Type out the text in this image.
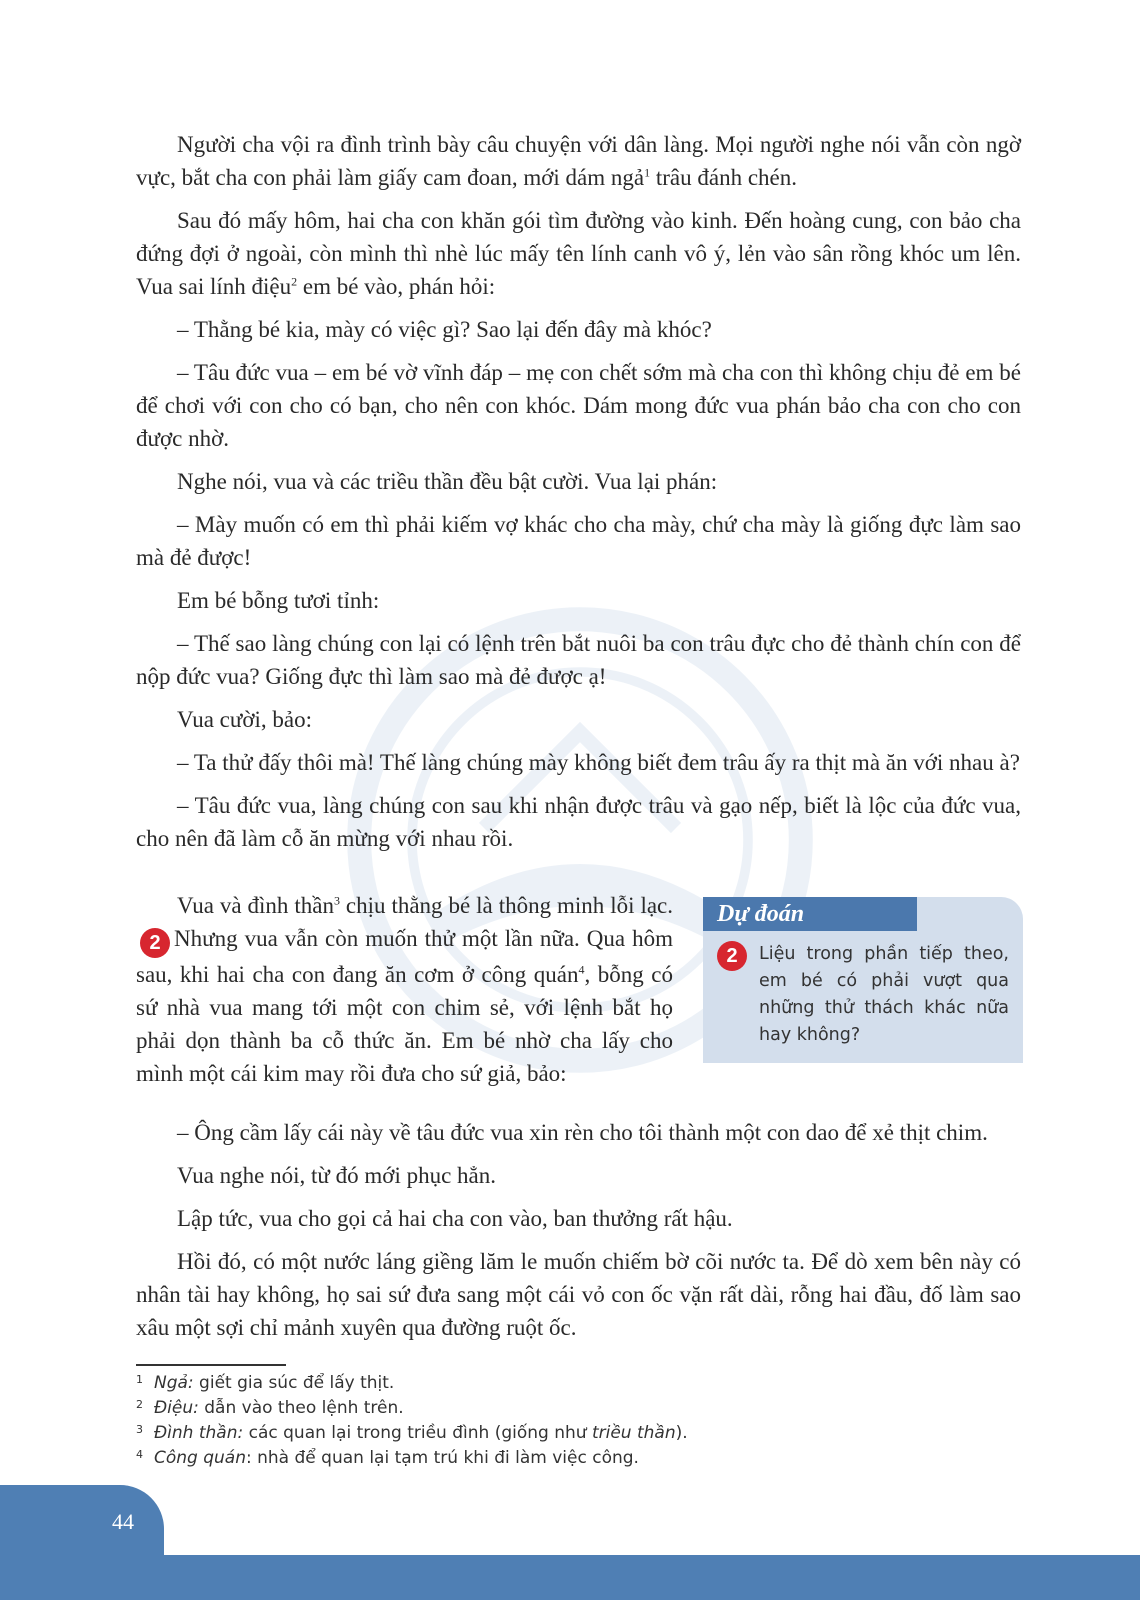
Người cha vội ra đình trình bày câu chuyện với dân làng. Mọi người nghe nói vẫn còn ngờ vực, bắt cha con phải làm giấy cam đoan, mới dám ngả$^1$ trâu đánh chén.

Sau đó mấy hôm, hai cha con khăn gói tìm đường vào kinh. Đến hoàng cung, con bảo cha đứng đợi ở ngoài, còn mình thì nhè lúc mấy tên lính canh vô ý, lẻn vào sân rồng khóc um lên. Vua sai lính điệu$^2$ em bé vào, phán hỏi:

– Thằng bé kia, mày có việc gì? Sao lại đến đây mà khóc?

– Tâu đức vua – em bé vờ vĩnh đáp – mẹ con chết sớm mà cha con thì không chịu đẻ em bé để chơi với con cho có bạn, cho nên con khóc. Dám mong đức vua phán bảo cha con cho con được nhờ.

Nghe nói, vua và các triều thần đều bật cười. Vua lại phán:

– Mày muốn có em thì phải kiếm vợ khác cho cha mày, chứ cha mày là giống đực làm sao mà đẻ được!

Em bé bỗng tươi tỉnh:

– Thế sao làng chúng con lại có lệnh trên bắt nuôi ba con trâu đực cho đẻ thành chín con để nộp đức vua? Giống đực thì làm sao mà đẻ được ạ!

Vua cười, bảo:

– Ta thử đấy thôi mà! Thế làng chúng mày không biết đem trâu ấy ra thịt mà ăn với nhau à?

– Tâu đức vua, làng chúng con sau khi nhận được trâu và gạo nếp, biết là lộc của đức vua, cho nên đã làm cỗ ăn mừng với nhau rồi.

Vua và đình thần$^3$ chịu thằng bé là thông minh lỗi lạc.2 Nhưng vua vẫn còn muốn thử một lần nữa. Qua hôm sau, khi hai cha con đang ăn cơm ở công quán$^4$, bỗng có sứ nhà vua mang tới một con chim sẻ, với lệnh bắt họ phải dọn thành ba cỗ thức ăn. Em bé nhờ cha lấy cho mình một cái kim may rồi đưa cho sứ giả, bảo:

Dự đoán
2	Liệu trong phần tiếp theo, em bé có phải vượt qua những thử thách khác nữa hay không?

– Ông cầm lấy cái này về tâu đức vua xin rèn cho tôi thành một con dao để xẻ thịt chim.

Vua nghe nói, từ đó mới phục hẳn.

Lập tức, vua cho gọi cả hai cha con vào, ban thưởng rất hậu.

Hồi đó, có một nước láng giềng lăm le muốn chiếm bờ cõi nước ta. Để dò xem bên này có nhân tài hay không, họ sai sứ đưa sang một cái vỏ con ốc vặn rất dài, rỗng hai đầu, đố làm sao xâu một sợi chỉ mảnh xuyên qua đường ruột ốc.

1 Ngả: giết gia súc để lấy thịt.
2 Điệu: dẫn vào theo lệnh trên.
3 Đình thần: các quan lại trong triều đình (giống như triều thần).
4 Công quán: nhà để quan lại tạm trú khi đi làm việc công.
44
